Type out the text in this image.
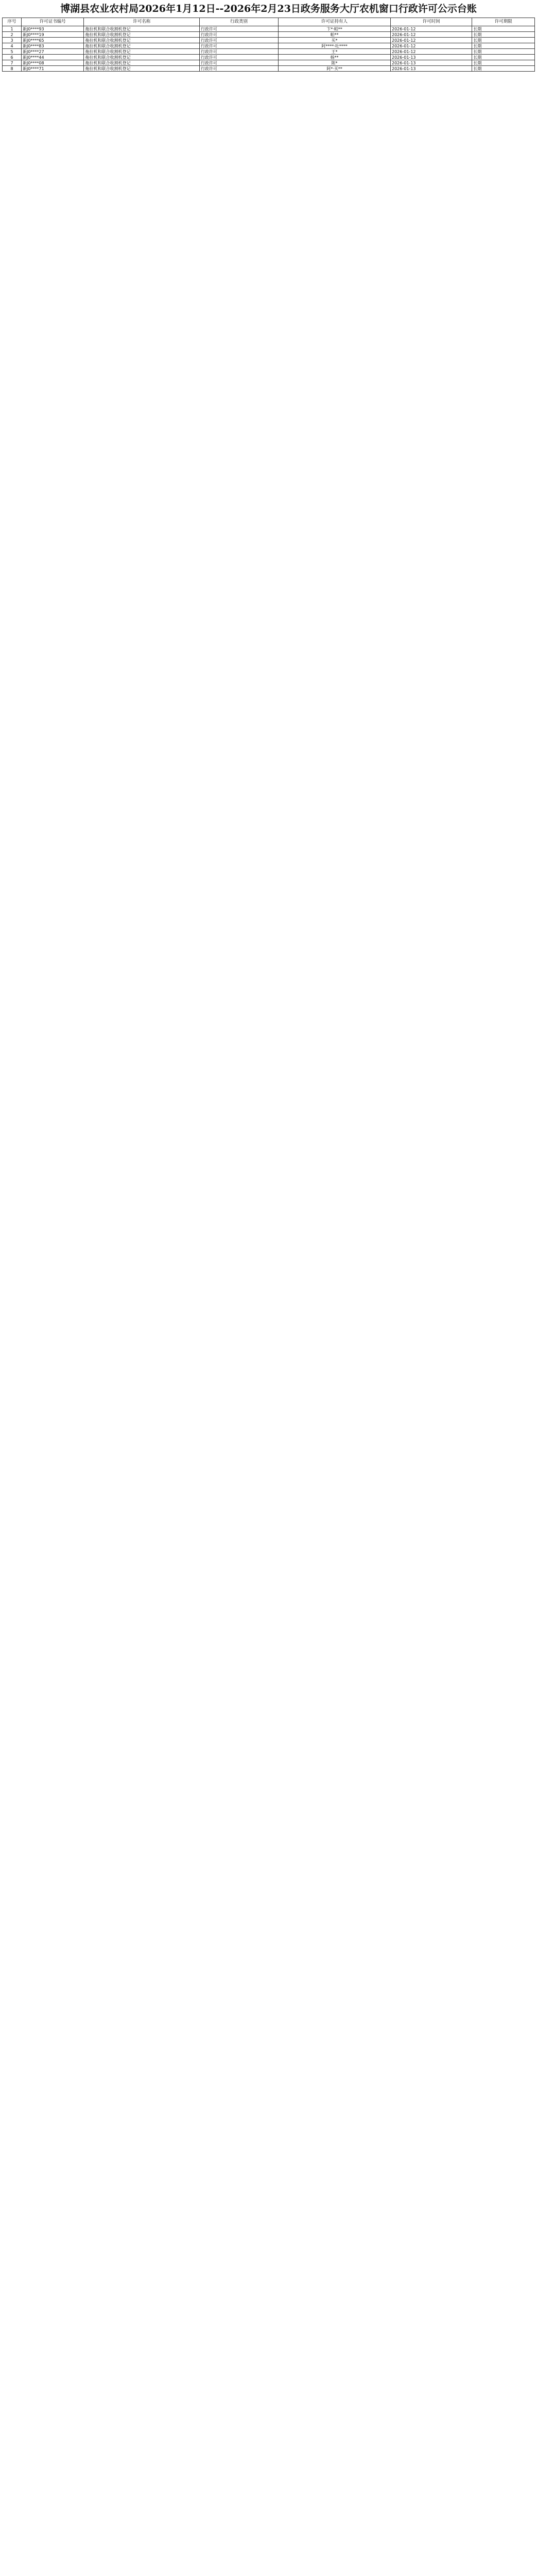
博湖县农业农村局2026年1月12日--2026年2月23日政务服务大厅农机窗口行政许可公示台账
序号	许可证书编号	许可名称	行政类别	许可证持有人	许可时间	许可期限
1	新J0****93	拖拉机和联合收割机登记	行政许可	卞*·帕**	2026-01-12	长期
2	新J0****19	拖拉机和联合收割机登记	行政许可	帕**	2026-01-12	长期
3	新J0****65	拖拉机和联合收割机登记	行政许可	买*	2026-01-12	长期
4	新J0****83	拖拉机和联合收割机登记	行政许可	阿****·吐****	2026-01-12	长期
5	新J0****27	拖拉机和联合收割机登记	行政许可	王*	2026-01-12	长期
6	新J0****44	拖拉机和联合收割机登记	行政许可	杨**	2026-01-13	长期
7	新J0****08	拖拉机和联合收割机登记	行政许可	陈*	2026-01-13	长期
8	新J0****71	拖拉机和联合收割机登记	行政许可	阿*·买**	2026-01-13	长期
